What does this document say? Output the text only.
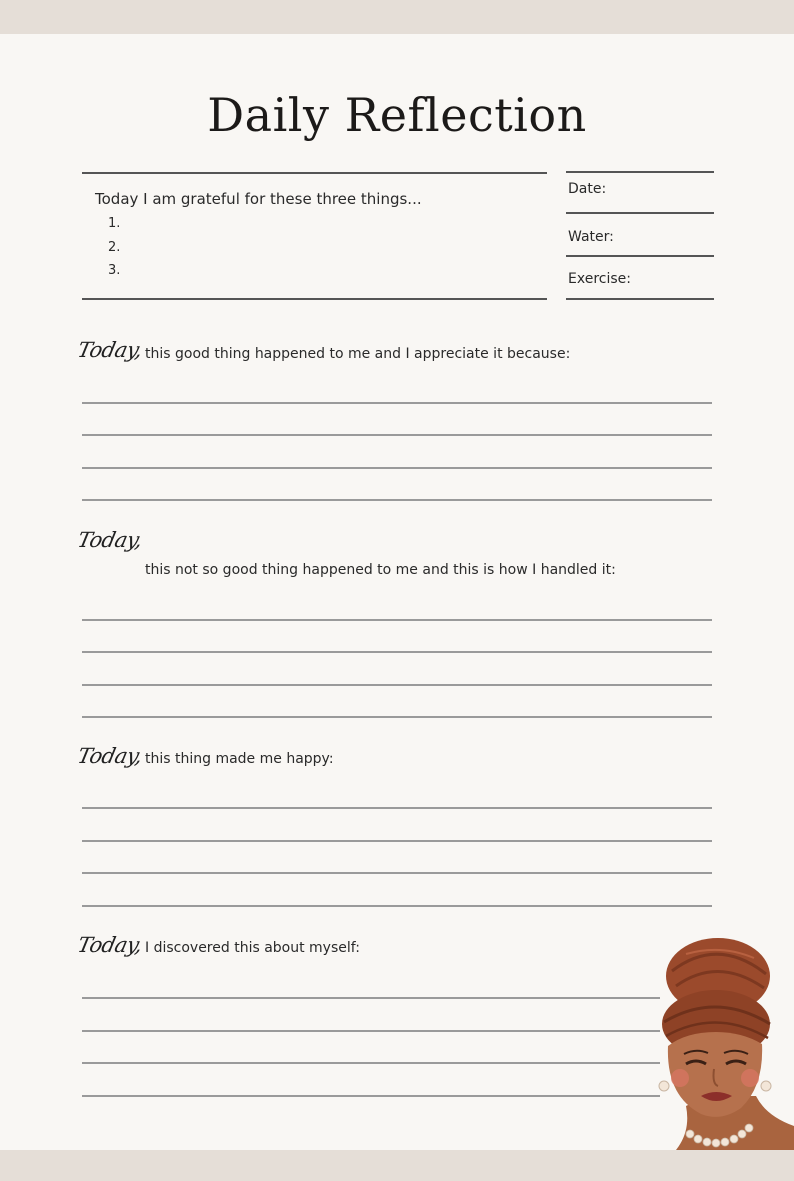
Daily Reflection
Today I am grateful for these three things...
1.
2.
3.
Date:
Water:
Exercise:
Today, this good thing happened to me and I appreciate it because:
Today,
this not so good thing happened to me and this is how I handled it:
Today, this thing made me happy:
Today, I discovered this about myself:
